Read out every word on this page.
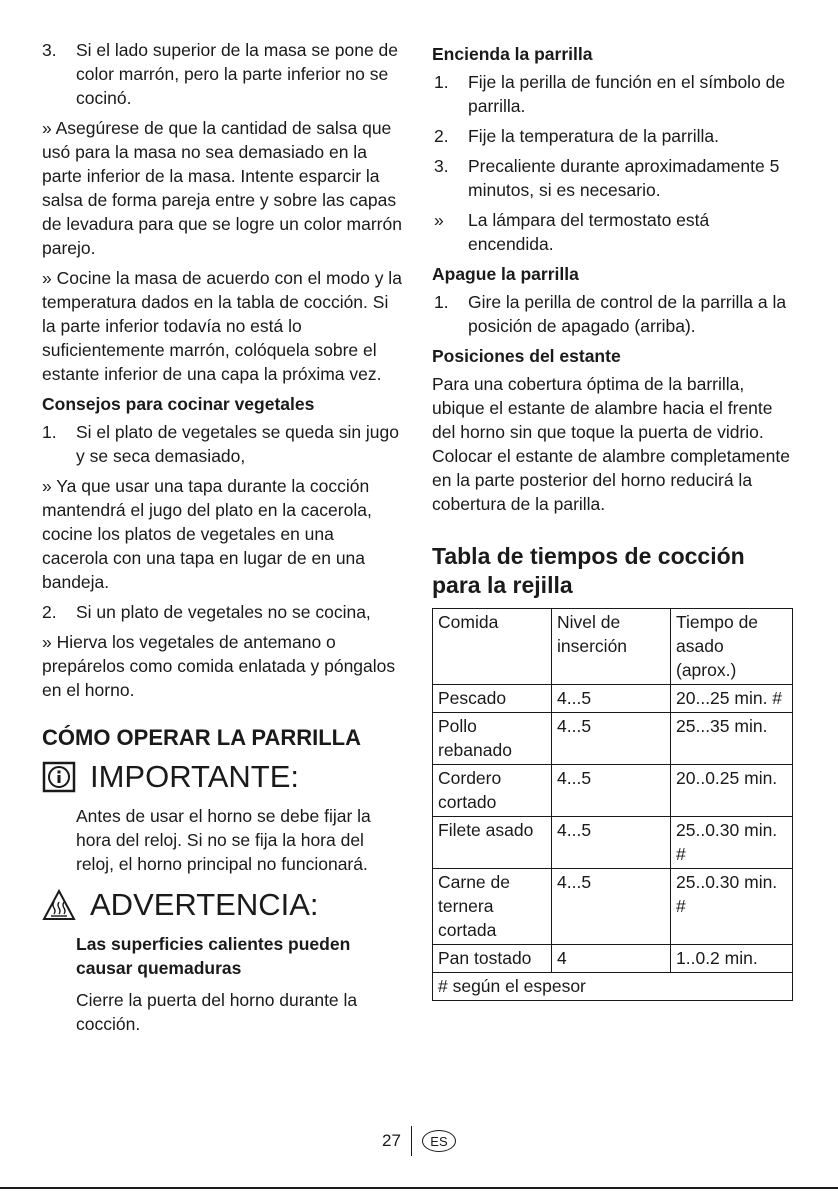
3.	Si el lado superior de la masa se pone de color marrón, pero la parte inferior no se cocinó.

» Asegúrese de que la cantidad de salsa que usó para la masa no sea demasiado en la parte inferior de la masa. Intente esparcir la salsa de forma pareja entre y sobre las capas de levadura para que se logre un color marrón parejo.

» Cocine la masa de acuerdo con el modo y la temperatura dados en la tabla de cocción. Si la parte inferior todavía no está lo suficientemente marrón, colóquela sobre el estante inferior de una capa la próxima vez.

Consejos para cocinar vegetales

1.	Si el plato de vegetales se queda sin jugo y se seca demasiado,

» Ya que usar una tapa durante la cocción mantendrá el jugo del plato en la cacerola, cocine los platos de vegetales en una cacerola con una tapa en lugar de en una bandeja.

2.	Si un plato de vegetales no se cocina,

» Hierva los vegetales de antemano o prepárelos como comida enlatada y póngalos en el horno.

CÓMO OPERAR LA PARRILLA
IMPORTANTE:

Antes de usar el horno se debe fijar la hora del reloj. Si no se fija la hora del reloj, el horno principal no funcionará.

ADVERTENCIA:

Las superficies calientes pueden causar quemaduras

Cierre la puerta del horno durante la cocción.

Encienda la parrilla

1.	Fije la perilla de función en el símbolo de parrilla.

2.	Fije la temperatura de la parrilla.

3.	Precaliente durante aproximadamente 5 minutos, si es necesario.

»	La lámpara del termostato está encendida.

Apague la parrilla

1.	Gire la perilla de control de la parrilla a la posición de apagado (arriba).

Posiciones del estante

Para una cobertura óptima de la barrilla, ubique el estante de alambre hacia el frente del horno sin que toque la puerta de vidrio. Colocar el estante de alambre completamente en la parte posterior del horno reducirá la cobertura de la parilla.

Tabla de tiempos de cocción para la rejilla
Comida	Nivel de inserción	Tiempo de asado (aprox.)
Pescado	4...5	20...25 min. #
Pollo rebanado	4...5	25...35 min.
Cordero cortado	4...5	20..0.25 min.
Filete asado	4...5	25..0.30 min. #
Carne de ternera cortada	4...5	25..0.30 min. #
Pan tostado	4	1..0.2 min.
# según el espesor		
27	ES
